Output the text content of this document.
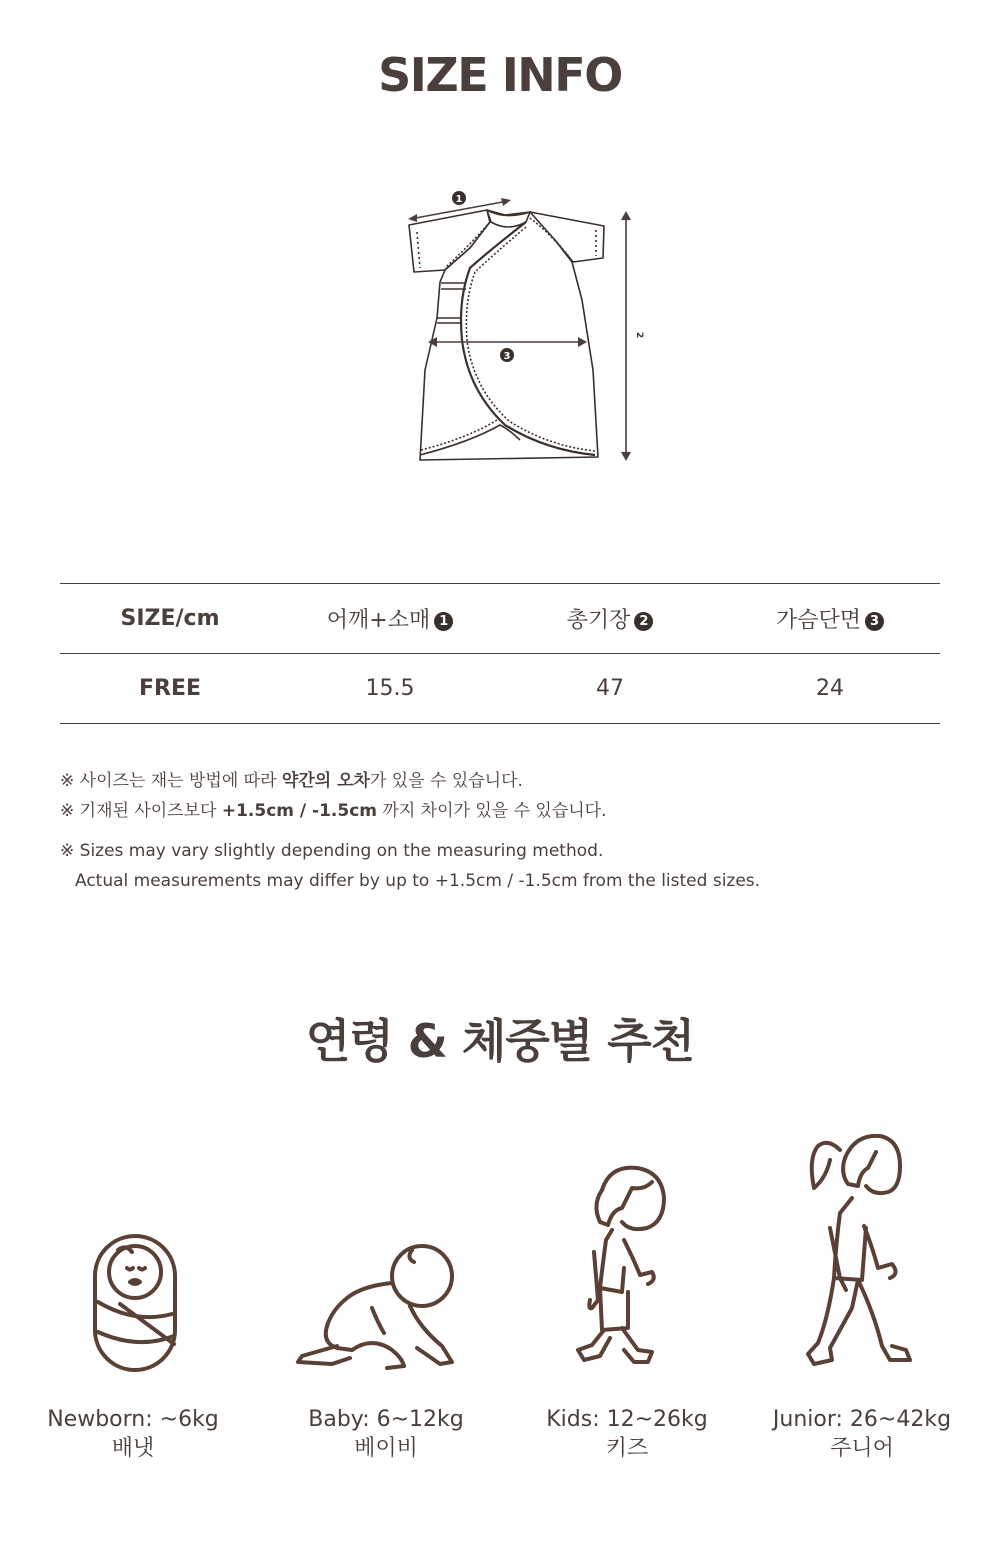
SIZE INFO
1
3
2
SIZE/cm	어깨+소매 1	총기장 2	가슴단면 3
FREE	15.5	47	24

※ 사이즈는 재는 방법에 따라 약간의 오차가 있을 수 있습니다.

※ 기재된 사이즈보다 +1.5cm / -1.5cm 까지 차이가 있을 수 있습니다.

※ Sizes may vary slightly depending on the measuring method.

Actual measurements may differ by up to +1.5cm / -1.5cm from the listed sizes.

연령 & 체중별 추천
Newborn: ~6kg
배냇
Baby: 6~12kg
베이비
Kids: 12~26kg
키즈
Junior: 26~42kg
주니어
